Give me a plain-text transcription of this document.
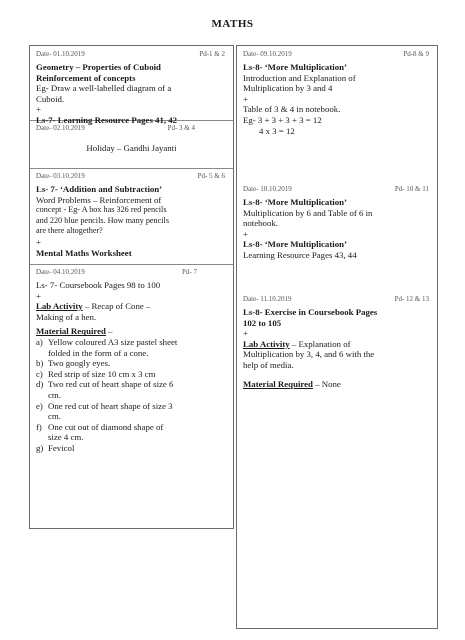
MATHS
Date- 01.10.2019	Pd-1 & 2
Geometry – Properties of Cuboid
Reinforcement of concepts
Eg- Draw a well-labelled diagram of a
Cuboid.
+
Ls-7- Learning Resource Pages 41, 42
Date- 02.10.2019	Pd- 3 & 4
Holiday – Gandhi Jayanti
Date- 03.10.2019	Pd- 5 & 6
Ls- 7- ‘Addition and Subtraction’
Word Problems – Reinforcement of
concept - Eg- A box has 326 red pencils
and 220 blue pencils. How many pencils
are there altogether?
+
Mental Maths Worksheet
Date- 04.10.2019	Pd- 7
Ls- 7- Coursebook Pages 98 to 100
+
Lab Activity – Recap of Cone –
Making of a hen.
Material Required –
a) Yellow coloured A3 size pastel sheet
folded in the form of a cone.
b) Two googly eyes.
c) Red strip of size 10 cm x 3 cm
d) Two red cut of heart shape of size 6
cm.
e) One red cut of heart shape of size 3
cm.
f) One cut out of diamond shape of
size 4 cm.
g) Fevicol
Date- 09.10.2019	Pd-8 & 9
Ls-8- ‘More Multiplication’
Introduction and Explanation of
Multiplication by 3 and 4
+
Table of 3 & 4 in notebook.
Eg- 3 + 3 + 3 + 3 = 12
4 x 3 = 12
Date- 10.10.2019	Pd- 10 & 11
Ls-8- ‘More Multiplication’
Multiplication by 6 and Table of 6 in
notebook.
+
Ls-8- ‘More Multiplication’
Learning Resource Pages 43, 44
Date- 11.10.2019	Pd- 12 & 13
Ls-8- Exercise in Coursebook Pages
102 to 105
+
Lab Activity – Explanation of
Multiplication by 3, 4, and 6 with the
help of media.
Material Required – None
